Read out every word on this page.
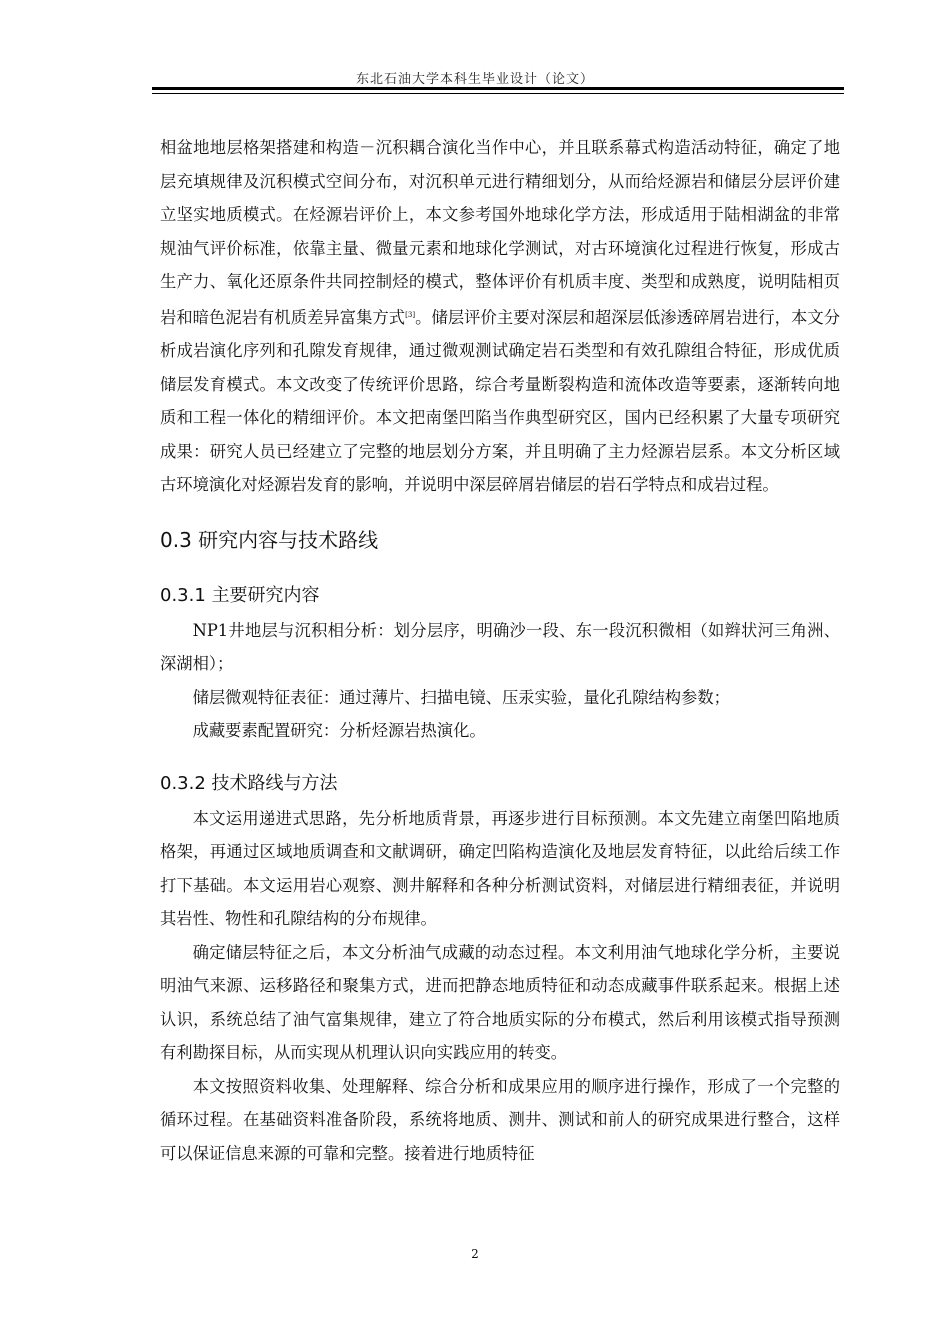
东北石油大学本科生毕业设计（论文）

相盆地地层格架搭建和构造－沉积耦合演化当作中心，并且联系幕式构造活动特征，确定了地层充填规律及沉积模式空间分布，对沉积单元进行精细划分，从而给烃源岩和储层分层评价建立坚实地质模式。在烃源岩评价上，本文参考国外地球化学方法，形成适用于陆相湖盆的非常规油气评价标准，依靠主量、微量元素和地球化学测试，对古环境演化过程进行恢复，形成古生产力、氧化还原条件共同控制烃的模式，整体评价有机质丰度、类型和成熟度，说明陆相页岩和暗色泥岩有机质差异富集方式[3]。储层评价主要对深层和超深层低渗透碎屑岩进行，本文分析成岩演化序列和孔隙发育规律，通过微观测试确定岩石类型和有效孔隙组合特征，形成优质储层发育模式。本文改变了传统评价思路，综合考量断裂构造和流体改造等要素，逐渐转向地质和工程一体化的精细评价。本文把南堡凹陷当作典型研究区，国内已经积累了大量专项研究成果：研究人员已经建立了完整的地层划分方案，并且明确了主力烃源岩层系。本文分析区域古环境演化对烃源岩发育的影响，并说明中深层碎屑岩储层的岩石学特点和成岩过程。

0.3 研究内容与技术路线
0.3.1 主要研究内容

NP1井地层与沉积相分析：划分层序，明确沙一段、东一段沉积微相（如辫状河三角洲、深湖相）；

储层微观特征表征：通过薄片、扫描电镜、压汞实验，量化孔隙结构参数；

成藏要素配置研究：分析烃源岩热演化。

0.3.2 技术路线与方法

本文运用递进式思路，先分析地质背景，再逐步进行目标预测。本文先建立南堡凹陷地质格架，再通过区域地质调查和文献调研，确定凹陷构造演化及地层发育特征，以此给后续工作打下基础。本文运用岩心观察、测井解释和各种分析测试资料，对储层进行精细表征，并说明其岩性、物性和孔隙结构的分布规律。

确定储层特征之后，本文分析油气成藏的动态过程。本文利用油气地球化学分析，主要说明油气来源、运移路径和聚集方式，进而把静态地质特征和动态成藏事件联系起来。根据上述认识，系统总结了油气富集规律，建立了符合地质实际的分布模式，然后利用该模式指导预测有利勘探目标，从而实现从机理认识向实践应用的转变。

本文按照资料收集、处理解释、综合分析和成果应用的顺序进行操作，形成了一个完整的循环过程。在基础资料准备阶段，系统将地质、测井、测试和前人的研究成果进行整合，这样可以保证信息来源的可靠和完整。接着进行地质特征

2
